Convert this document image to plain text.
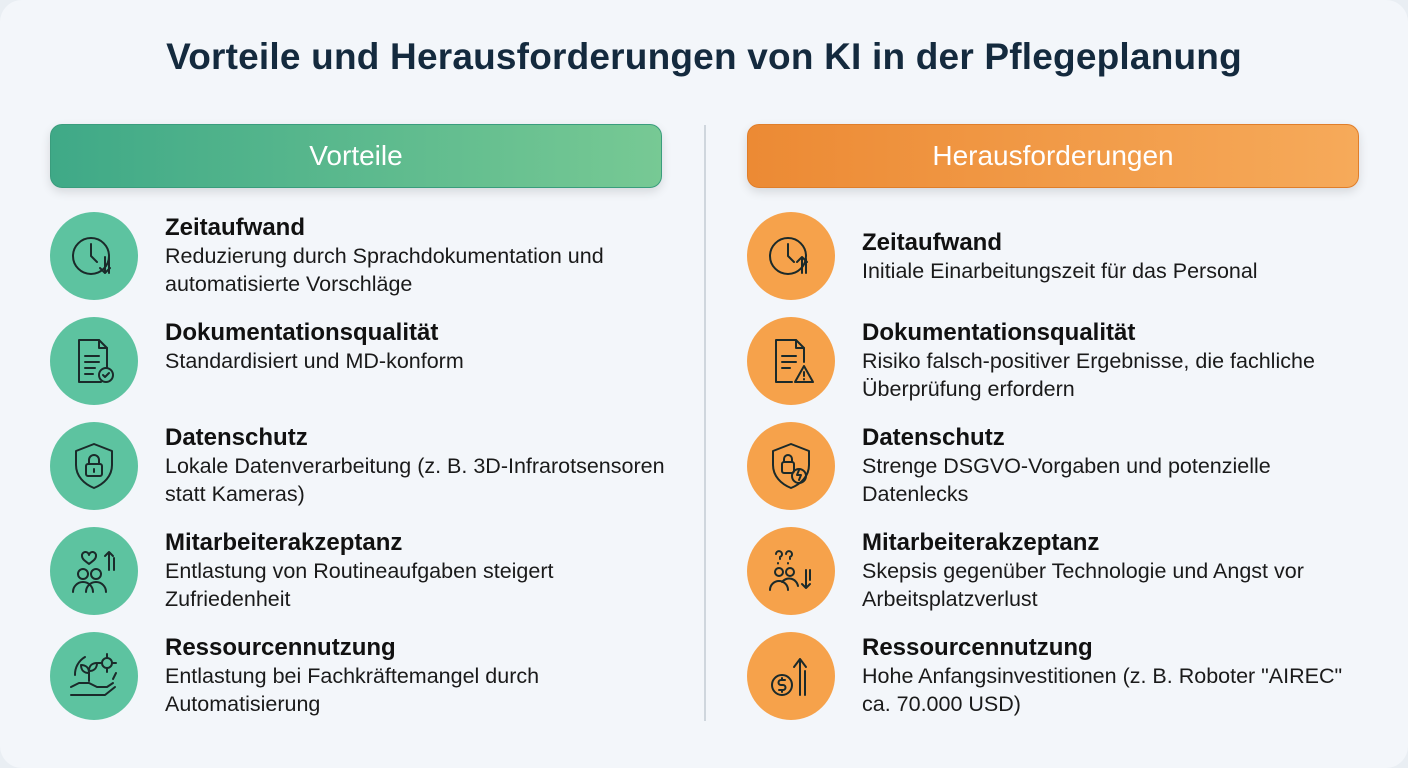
Vorteile und Herausforderungen von KI in der Pflegeplanung
Vorteile
Zeitaufwand
Reduzierung durch Sprachdokumentation und automatisierte Vorschläge
Dokumentationsqualität
Standardisiert und MD-konform
Datenschutz
Lokale Datenverarbeitung (z. B. 3D-Infrarotsensoren statt Kameras)
Mitarbeiterakzeptanz
Entlastung von Routineaufgaben steigert Zufriedenheit
Ressourcennutzung
Entlastung bei Fachkräftemangel durch Automatisierung
Herausforderungen
Zeitaufwand
Initiale Einarbeitungszeit für das Personal
Dokumentationsqualität
Risiko falsch-positiver Ergebnisse, die fachliche Überprüfung erfordern
Datenschutz
Strenge DSGVO-Vorgaben und potenzielle Datenlecks
Mitarbeiterakzeptanz
Skepsis gegenüber Technologie und Angst vor Arbeitsplatzverlust
Ressourcennutzung
Hohe Anfangsinvestitionen (z. B. Roboter "AIREC" ca. 70.000 USD)
